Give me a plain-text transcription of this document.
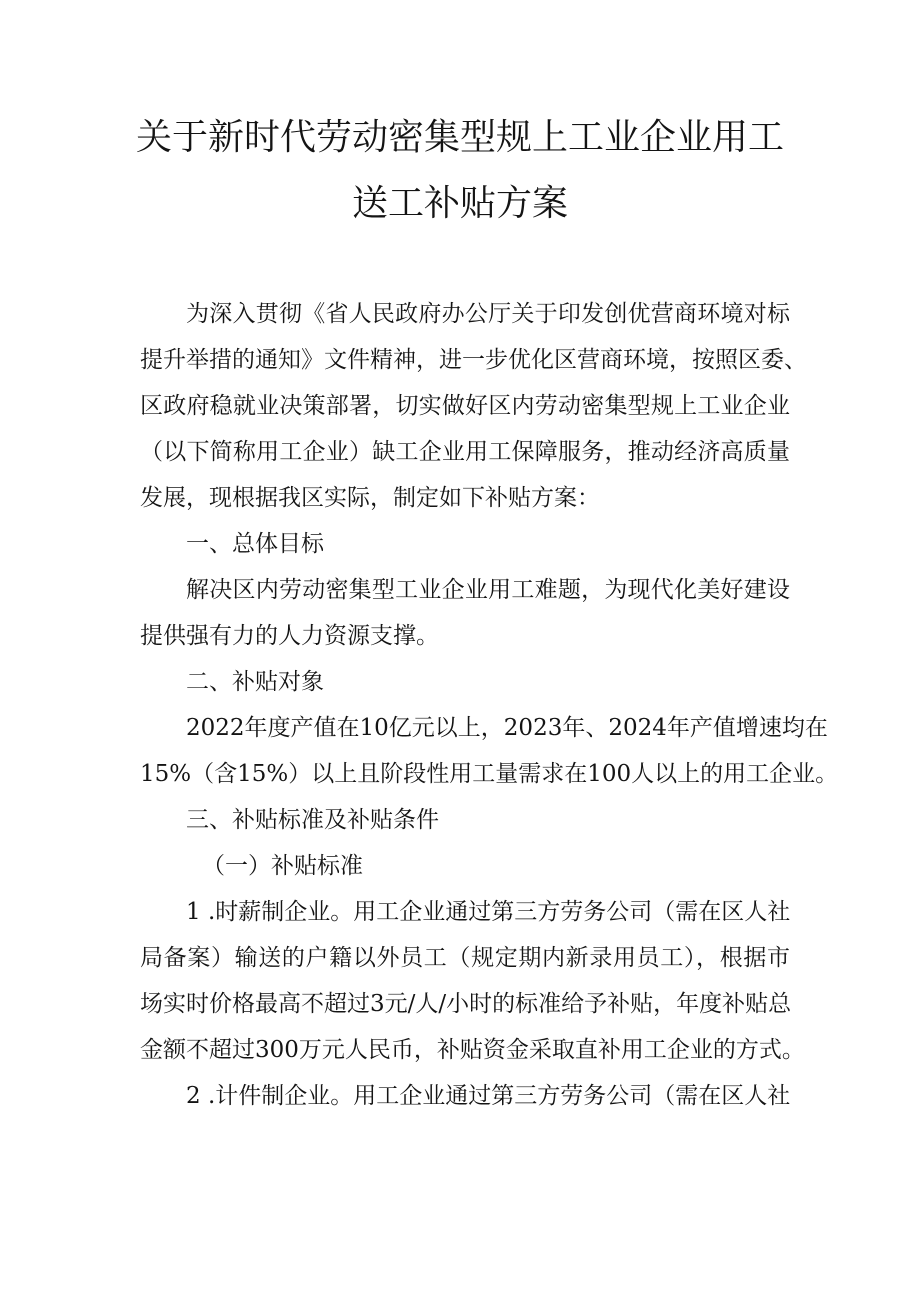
关于新时代劳动密集型规上工业企业用工
送工补贴方案
为深入贯彻《省人民政府办公厅关于印发创优营商环境对标
提升举措的通知》文件精神，进一步优化区营商环境，按照区委、
区政府稳就业决策部署，切实做好区内劳动密集型规上工业企业
（以下简称用工企业）缺工企业用工保障服务，推动经济高质量
发展，现根据我区实际，制定如下补贴方案：
一、总体目标
解决区内劳动密集型工业企业用工难题，为现代化美好建设
提供强有力的人力资源支撑。
二、补贴对象
2022年度产值在10亿元以上，2023年、2024年产值增速均在
15%（含15%）以上且阶段性用工量需求在100人以上的用工企业。
三、补贴标准及补贴条件
（一）补贴标准
1 .时薪制企业。用工企业通过第三方劳务公司（需在区人社
局备案）输送的户籍以外员工（规定期内新录用员工），根据市
场实时价格最高不超过3元/人/小时的标准给予补贴，年度补贴总
金额不超过300万元人民币，补贴资金采取直补用工企业的方式。
2 .计件制企业。用工企业通过第三方劳务公司（需在区人社
